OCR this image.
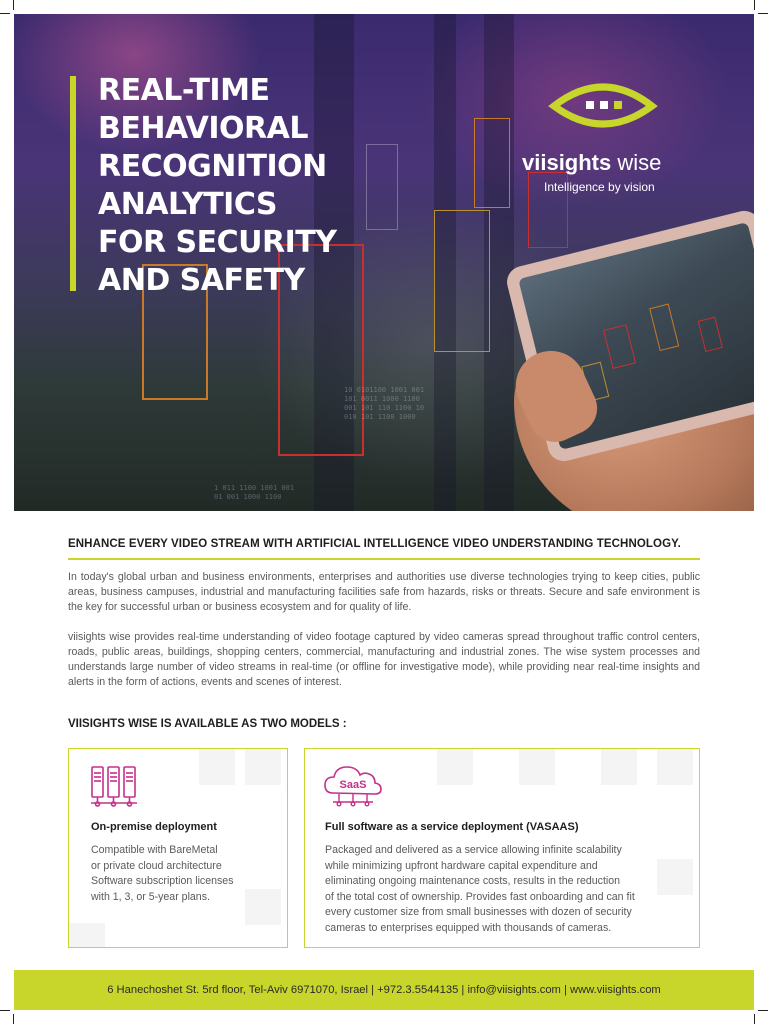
10 0101100 1001 001
101 0011 1000 1100
001 101 110 1100 10
010 101 1100 1000
1 011 1100 1001 001
01 001 1000 1100
REAL-TIME
BEHAVIORAL
RECOGNITION
ANALYTICS
FOR SECURITY
AND SAFETY
viisights wise
Intelligence by vision
ENHANCE EVERY VIDEO STREAM WITH ARTIFICIAL INTELLIGENCE VIDEO UNDERSTANDING TECHNOLOGY.

In today's global urban and business environments, enterprises and authorities use diverse technologies trying to keep cities, public areas, business campuses, industrial and manufacturing facilities safe from hazards, risks or threats. Secure and safe environment is the key for successful urban or business ecosystem and for quality of life.

viisights wise provides real-time understanding of video footage captured by video cameras spread throughout traffic control centers, roads, public areas, buildings, shopping centers, commercial, manufacturing and industrial zones. The wise system processes and understands large number of video streams in real-time (or offline for investigative mode), while providing near real-time insights and alerts in the form of actions, events and scenes of interest.

VIISIGHTS WISE IS AVAILABLE AS TWO MODELS :
On-premise deployment
Compatible with BareMetal
or private cloud architecture
Software subscription licenses
with 1, 3, or 5-year plans.
SaaS
Full software as a service deployment (VASAAS)
Packaged and delivered as a service allowing infinite scalability
while minimizing upfront hardware capital expenditure and
eliminating ongoing maintenance costs, results in the reduction
of the total cost of ownership. Provides fast onboarding and can fit
every customer size from small businesses with dozen of security
cameras to enterprises equipped with thousands of cameras.
6 Hanechoshet St. 5rd floor, Tel-Aviv 6971070, Israel | +972.3.5544135 | info@viisights.com | www.viisights.com
